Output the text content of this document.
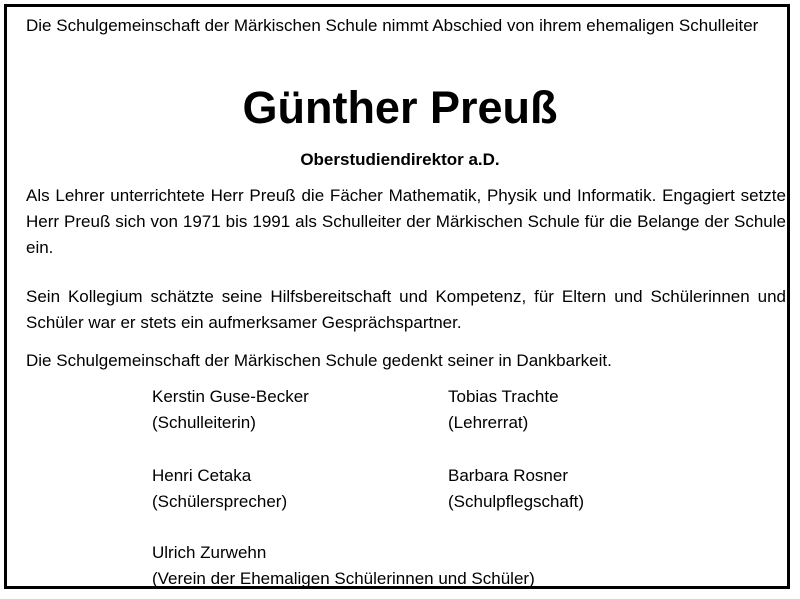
Die Schulgemeinschaft der Märkischen Schule nimmt Abschied von ihrem ehemaligen Schulleiter
Günther Preuß
Oberstudiendirektor a.D.
Als Lehrer unterrichtete Herr Preuß die Fächer Mathematik, Physik und Informatik. Engagiert setzte Herr Preuß sich von 1971 bis 1991 als Schulleiter der Märkischen Schule für die Belange der Schule ein.
Sein Kollegium schätzte seine Hilfsbereitschaft und Kompetenz, für Eltern und Schülerinnen und Schüler war er stets ein aufmerksamer Gesprächspartner.
Die Schulgemeinschaft der Märkischen Schule gedenkt seiner in Dankbarkeit.
Kerstin Guse-Becker
(Schulleiterin)
Tobias Trachte
(Lehrerrat)
Henri Cetaka
(Schülersprecher)
Barbara Rosner
(Schulpflegschaft)
Ulrich Zurwehn
(Verein der Ehemaligen Schülerinnen und Schüler)
